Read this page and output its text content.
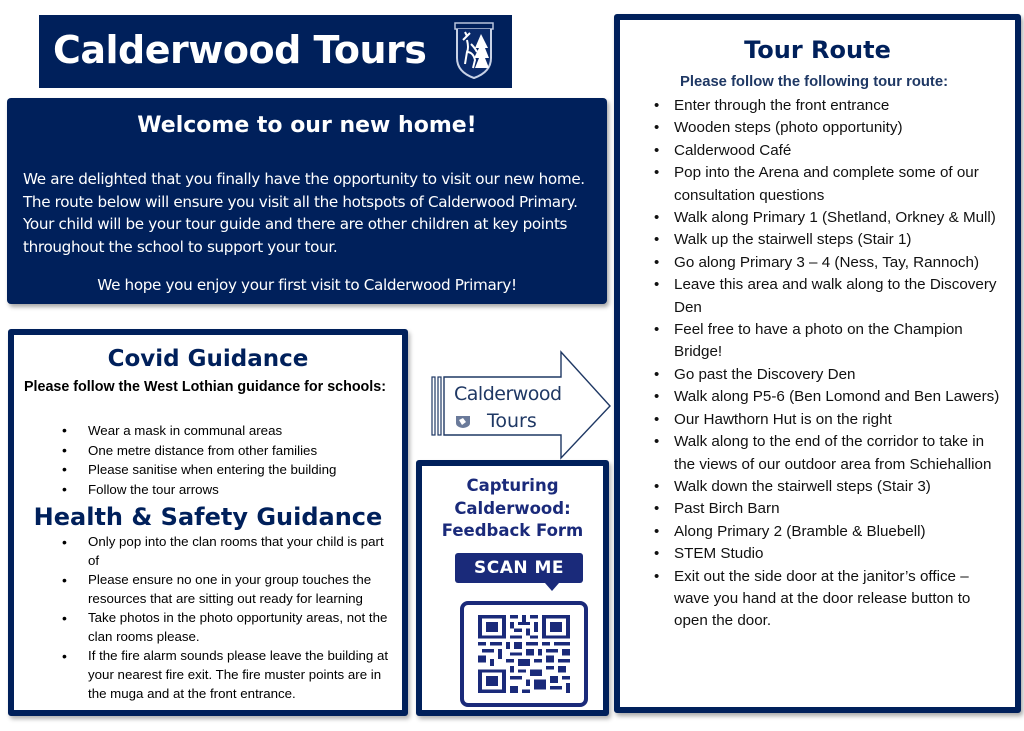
Calderwood Tours
Welcome to our new home!
We are delighted that you finally have the opportunity to visit our new home. The route below will ensure you visit all the hotspots of Calderwood Primary. Your child will be your tour guide and there are other children at key points throughout the school to support your tour.
We hope you enjoy your first visit to Calderwood Primary!
Covid Guidance
Please follow the West Lothian guidance for schools:
• Wear a mask in communal areas
• One metre distance from other families
• Please sanitise when entering the building
• Follow the tour arrows
Health & Safety Guidance
• Only pop into the clan rooms that your child is part of
• Please ensure no one in your group touches the resources that are sitting out ready for learning
• Take photos in the photo opportunity areas, not the clan rooms please.
• If the fire alarm sounds please leave the building at your nearest fire exit. The fire muster points are in the muga and at the front entrance.
Calderwood
Tours
Capturing
Calderwood:
Feedback Form
SCAN ME
Tour Route
Please follow the following tour route:
• Enter through the front entrance
• Wooden steps (photo opportunity)
• Calderwood Café
• Pop into the Arena and complete some of our consultation questions
• Walk along Primary 1 (Shetland, Orkney & Mull)
• Walk up the stairwell steps (Stair 1)
• Go along Primary 3 – 4 (Ness, Tay, Rannoch)
• Leave this area and walk along to the Discovery Den
• Feel free to have a photo on the Champion Bridge!
• Go past the Discovery Den
• Walk along P5-6 (Ben Lomond and Ben Lawers)
• Our Hawthorn Hut is on the right
• Walk along to the end of the corridor to take in the views of our outdoor area from Schiehallion
• Walk down the stairwell steps (Stair 3)
• Past Birch Barn
• Along Primary 2 (Bramble & Bluebell)
• STEM Studio
• Exit out the side door at the janitor’s office – wave you hand at the door release button to open the door.
